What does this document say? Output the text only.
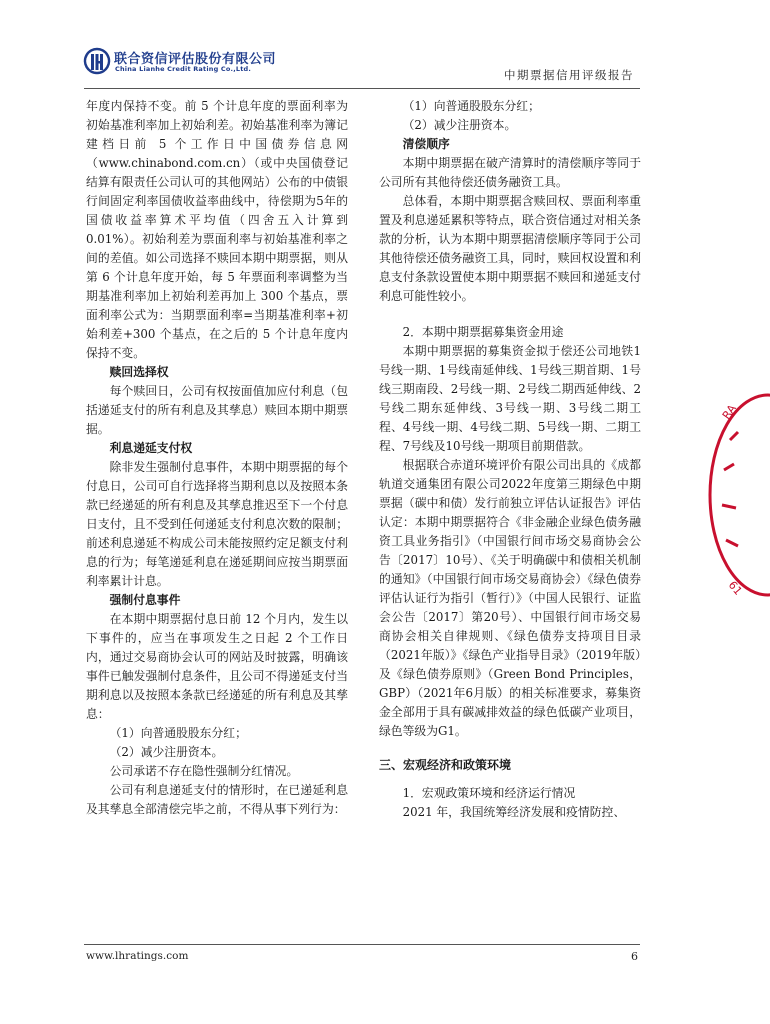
联合资信评估股份有限公司
China Lianhe Credit Rating Co.,Ltd.	中期票据信用评级报告

年度内保持不变。前 5 个计息年度的票面利率为初始基准利率加上初始利差。初始基准利率为簿记建档日前 5 个工作日中国债券信息网（www.chinabond.com.cn）（或中央国债登记结算有限责任公司认可的其他网站）公布的中债银行间固定利率国债收益率曲线中，待偿期为5年的国债收益率算术平均值（四舍五入计算到0.01%）。初始利差为票面利率与初始基准利率之间的差值。如公司选择不赎回本期中期票据，则从第 6 个计息年度开始，每 5 年票面利率调整为当期基准利率加上初始利差再加上 300 个基点，票面利率公式为：当期票面利率=当期基准利率+初始利差+300 个基点，在之后的 5 个计息年度内保持不变。

赎回选择权

每个赎回日，公司有权按面值加应付利息（包括递延支付的所有利息及其孳息）赎回本期中期票据。

利息递延支付权

除非发生强制付息事件，本期中期票据的每个付息日，公司可自行选择将当期利息以及按照本条款已经递延的所有利息及其孳息推迟至下一个付息日支付，且不受到任何递延支付利息次数的限制；前述利息递延不构成公司未能按照约定足额支付利息的行为；每笔递延利息在递延期间应按当期票面利率累计计息。

强制付息事件

在本期中期票据付息日前 12 个月内，发生以下事件的，应当在事项发生之日起 2 个工作日内，通过交易商协会认可的网站及时披露，明确该事件已触发强制付息条件，且公司不得递延支付当期利息以及按照本条款已经递延的所有利息及其孳息：

（1）向普通股股东分红；

（2）减少注册资本。

公司承诺不存在隐性强制分红情况。

公司有利息递延支付的情形时，在已递延利息及其孳息全部清偿完毕之前，不得从事下列行为：

（1）向普通股股东分红；

（2）减少注册资本。

清偿顺序

本期中期票据在破产清算时的清偿顺序等同于公司所有其他待偿还债务融资工具。

总体看，本期中期票据含赎回权、票面利率重置及利息递延累积等特点，联合资信通过对相关条款的分析，认为本期中期票据清偿顺序等同于公司其他待偿还债务融资工具，同时，赎回权设置和利息支付条款设置使本期中期票据不赎回和递延支付利息可能性较小。

2．本期中期票据募集资金用途

本期中期票据的募集资金拟于偿还公司地铁1号线一期、1号线南延伸线、1号线三期首期、1号线三期南段、2号线一期、2号线二期西延伸线、2号线二期东延伸线、3号线一期、3号线二期工程、4号线一期、4号线二期、5号线一期、二期工程、7号线及10号线一期项目前期借款。

根据联合赤道环境评价有限公司出具的《成都轨道交通集团有限公司2022年度第三期绿色中期票据（碳中和债）发行前独立评估认证报告》评估认定：本期中期票据符合《非金融企业绿色债务融资工具业务指引》（中国银行间市场交易商协会公告〔2017〕10号）、《关于明确碳中和债相关机制的通知》（中国银行间市场交易商协会）《绿色债券评估认证行为指引（暂行）》（中国人民银行、证监会公告〔2017〕第20号）、中国银行间市场交易商协会相关自律规则、《绿色债券支持项目目录（2021年版）》《绿色产业指导目录》（2019年版）及《绿色债券原则》（Green Bond Principles，GBP）（2021年6月版）的相关标准要求，募集资金全部用于具有碳减排效益的绿色低碳产业项目，绿色等级为G1。

三、宏观经济和政策环境

1．宏观政策环境和经济运行情况

2021 年，我国统筹经济发展和疫情防控、

RA
61
www.lhratings.com	6
